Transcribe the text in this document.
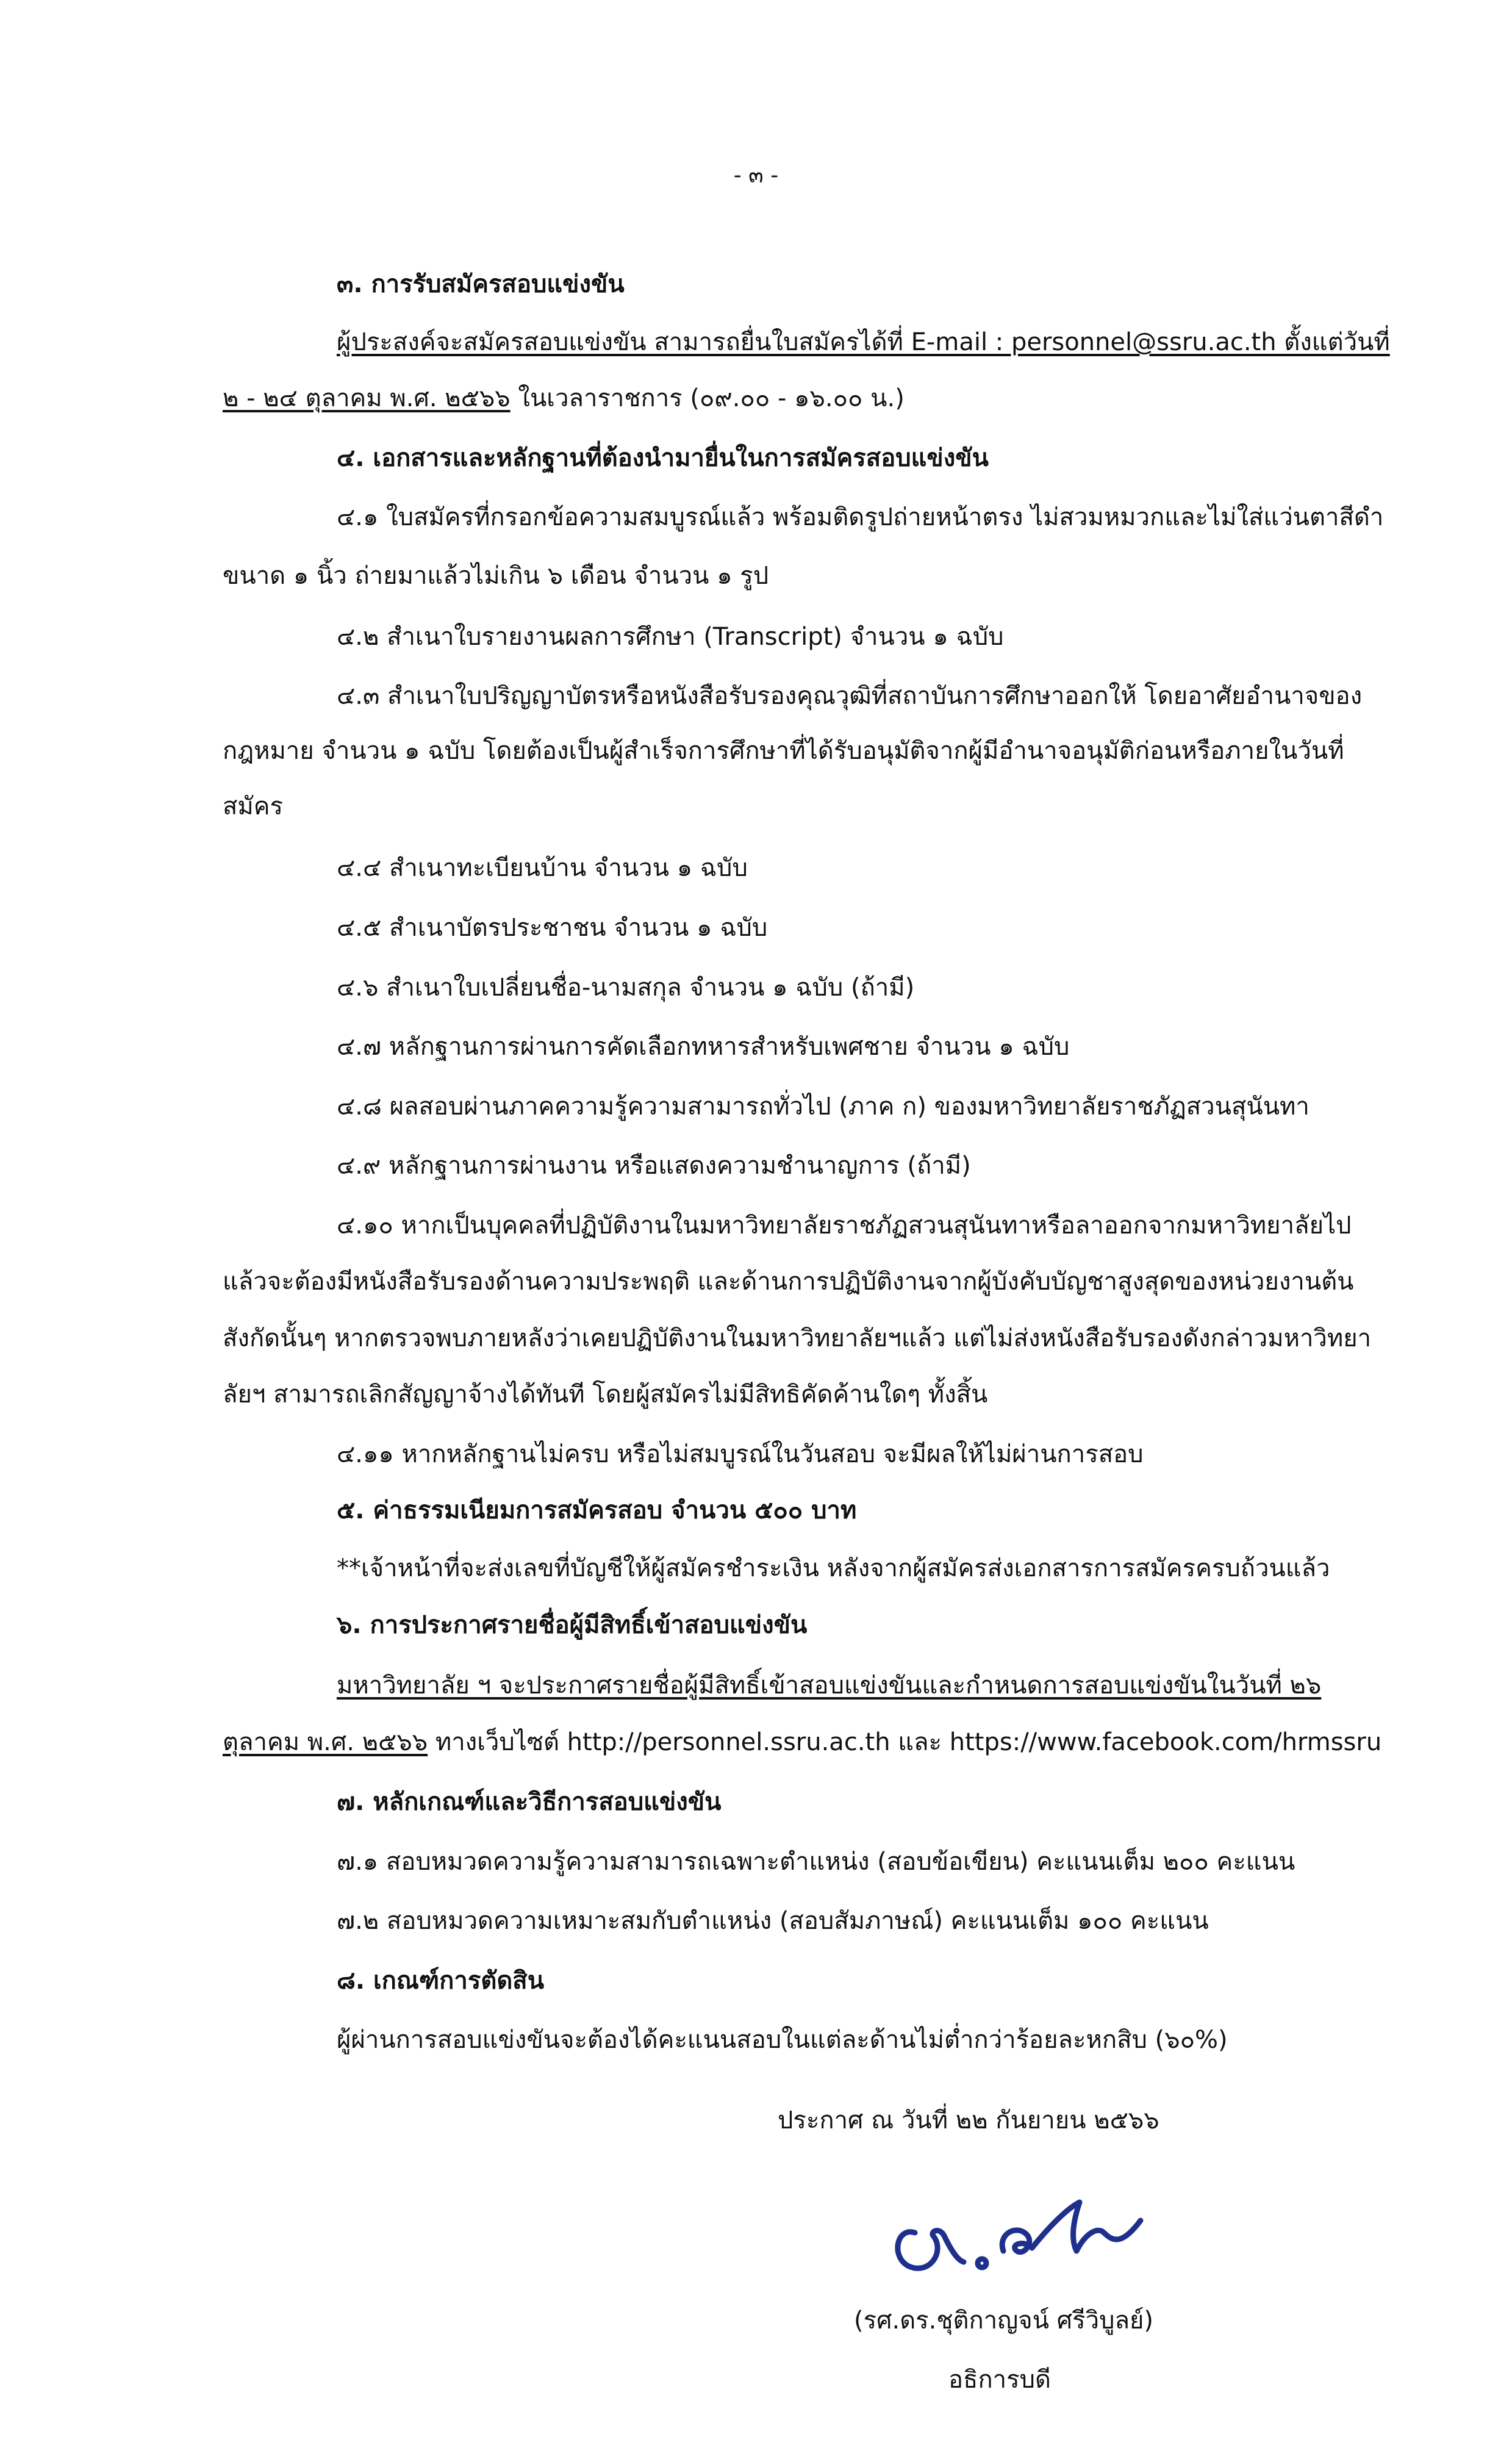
- ๓ -
๓. การรับสมัครสอบแข่งขัน
ผู้ประสงค์จะสมัครสอบแข่งขัน สามารถยื่นใบสมัครได้ที่ E-mail : personnel@ssru.ac.th ตั้งแต่วันที่
๒ - ๒๔ ตุลาคม พ.ศ. ๒๕๖๖ ในเวลาราชการ (๐๙.๐๐ - ๑๖.๐๐ น.)
๔. เอกสารและหลักฐานที่ต้องนำมายื่นในการสมัครสอบแข่งขัน
๔.๑ ใบสมัครที่กรอกข้อความสมบูรณ์แล้ว พร้อมติดรูปถ่ายหน้าตรง ไม่สวมหมวกและไม่ใส่แว่นตาสีดำ
ขนาด ๑ นิ้ว ถ่ายมาแล้วไม่เกิน ๖ เดือน จำนวน ๑ รูป
๔.๒ สำเนาใบรายงานผลการศึกษา (Transcript) จำนวน ๑ ฉบับ
๔.๓ สำเนาใบปริญญาบัตรหรือหนังสือรับรองคุณวุฒิที่สถาบันการศึกษาออกให้ โดยอาศัยอำนาจของ
กฎหมาย จำนวน ๑ ฉบับ โดยต้องเป็นผู้สำเร็จการศึกษาที่ได้รับอนุมัติจากผู้มีอำนาจอนุมัติก่อนหรือภายในวันที่
สมัคร
๔.๔ สำเนาทะเบียนบ้าน จำนวน ๑ ฉบับ
๔.๕ สำเนาบัตรประชาชน จำนวน ๑ ฉบับ
๔.๖ สำเนาใบเปลี่ยนชื่อ-นามสกุล จำนวน ๑ ฉบับ (ถ้ามี)
๔.๗ หลักฐานการผ่านการคัดเลือกทหารสำหรับเพศชาย จำนวน ๑ ฉบับ
๔.๘ ผลสอบผ่านภาคความรู้ความสามารถทั่วไป (ภาค ก) ของมหาวิทยาลัยราชภัฏสวนสุนันทา
๔.๙ หลักฐานการผ่านงาน หรือแสดงความชำนาญการ (ถ้ามี)
๔.๑๐ หากเป็นบุคคลที่ปฏิบัติงานในมหาวิทยาลัยราชภัฏสวนสุนันทาหรือลาออกจากมหาวิทยาลัยไป
แล้วจะต้องมีหนังสือรับรองด้านความประพฤติ และด้านการปฏิบัติงานจากผู้บังคับบัญชาสูงสุดของหน่วยงานต้น
สังกัดนั้นๆ หากตรวจพบภายหลังว่าเคยปฏิบัติงานในมหาวิทยาลัยฯแล้ว แต่ไม่ส่งหนังสือรับรองดังกล่าวมหาวิทยา
ลัยฯ สามารถเลิกสัญญาจ้างได้ทันที โดยผู้สมัครไม่มีสิทธิคัดค้านใดๆ ทั้งสิ้น
๔.๑๑ หากหลักฐานไม่ครบ หรือไม่สมบูรณ์ในวันสอบ จะมีผลให้ไม่ผ่านการสอบ
๕. ค่าธรรมเนียมการสมัครสอบ จำนวน ๕๐๐ บาท
**เจ้าหน้าที่จะส่งเลขที่บัญชีให้ผู้สมัครชำระเงิน หลังจากผู้สมัครส่งเอกสารการสมัครครบถ้วนแล้ว
๖. การประกาศรายชื่อผู้มีสิทธิ์เข้าสอบแข่งขัน
มหาวิทยาลัย ฯ จะประกาศรายชื่อผู้มีสิทธิ์เข้าสอบแข่งขันและกำหนดการสอบแข่งขันในวันที่ ๒๖
ตุลาคม พ.ศ. ๒๕๖๖ ทางเว็บไซต์ http://personnel.ssru.ac.th และ https://www.facebook.com/hrmssru
๗. หลักเกณฑ์และวิธีการสอบแข่งขัน
๗.๑ สอบหมวดความรู้ความสามารถเฉพาะตำแหน่ง (สอบข้อเขียน) คะแนนเต็ม ๒๐๐ คะแนน
๗.๒ สอบหมวดความเหมาะสมกับตำแหน่ง (สอบสัมภาษณ์) คะแนนเต็ม ๑๐๐ คะแนน
๘. เกณฑ์การตัดสิน
ผู้ผ่านการสอบแข่งขันจะต้องได้คะแนนสอบในแต่ละด้านไม่ต่ำกว่าร้อยละหกสิบ (๖๐%)
ประกาศ ณ วันที่ ๒๒ กันยายน ๒๕๖๖
(รศ.ดร.ชุติกาญจน์ ศรีวิบูลย์)
อธิการบดี
